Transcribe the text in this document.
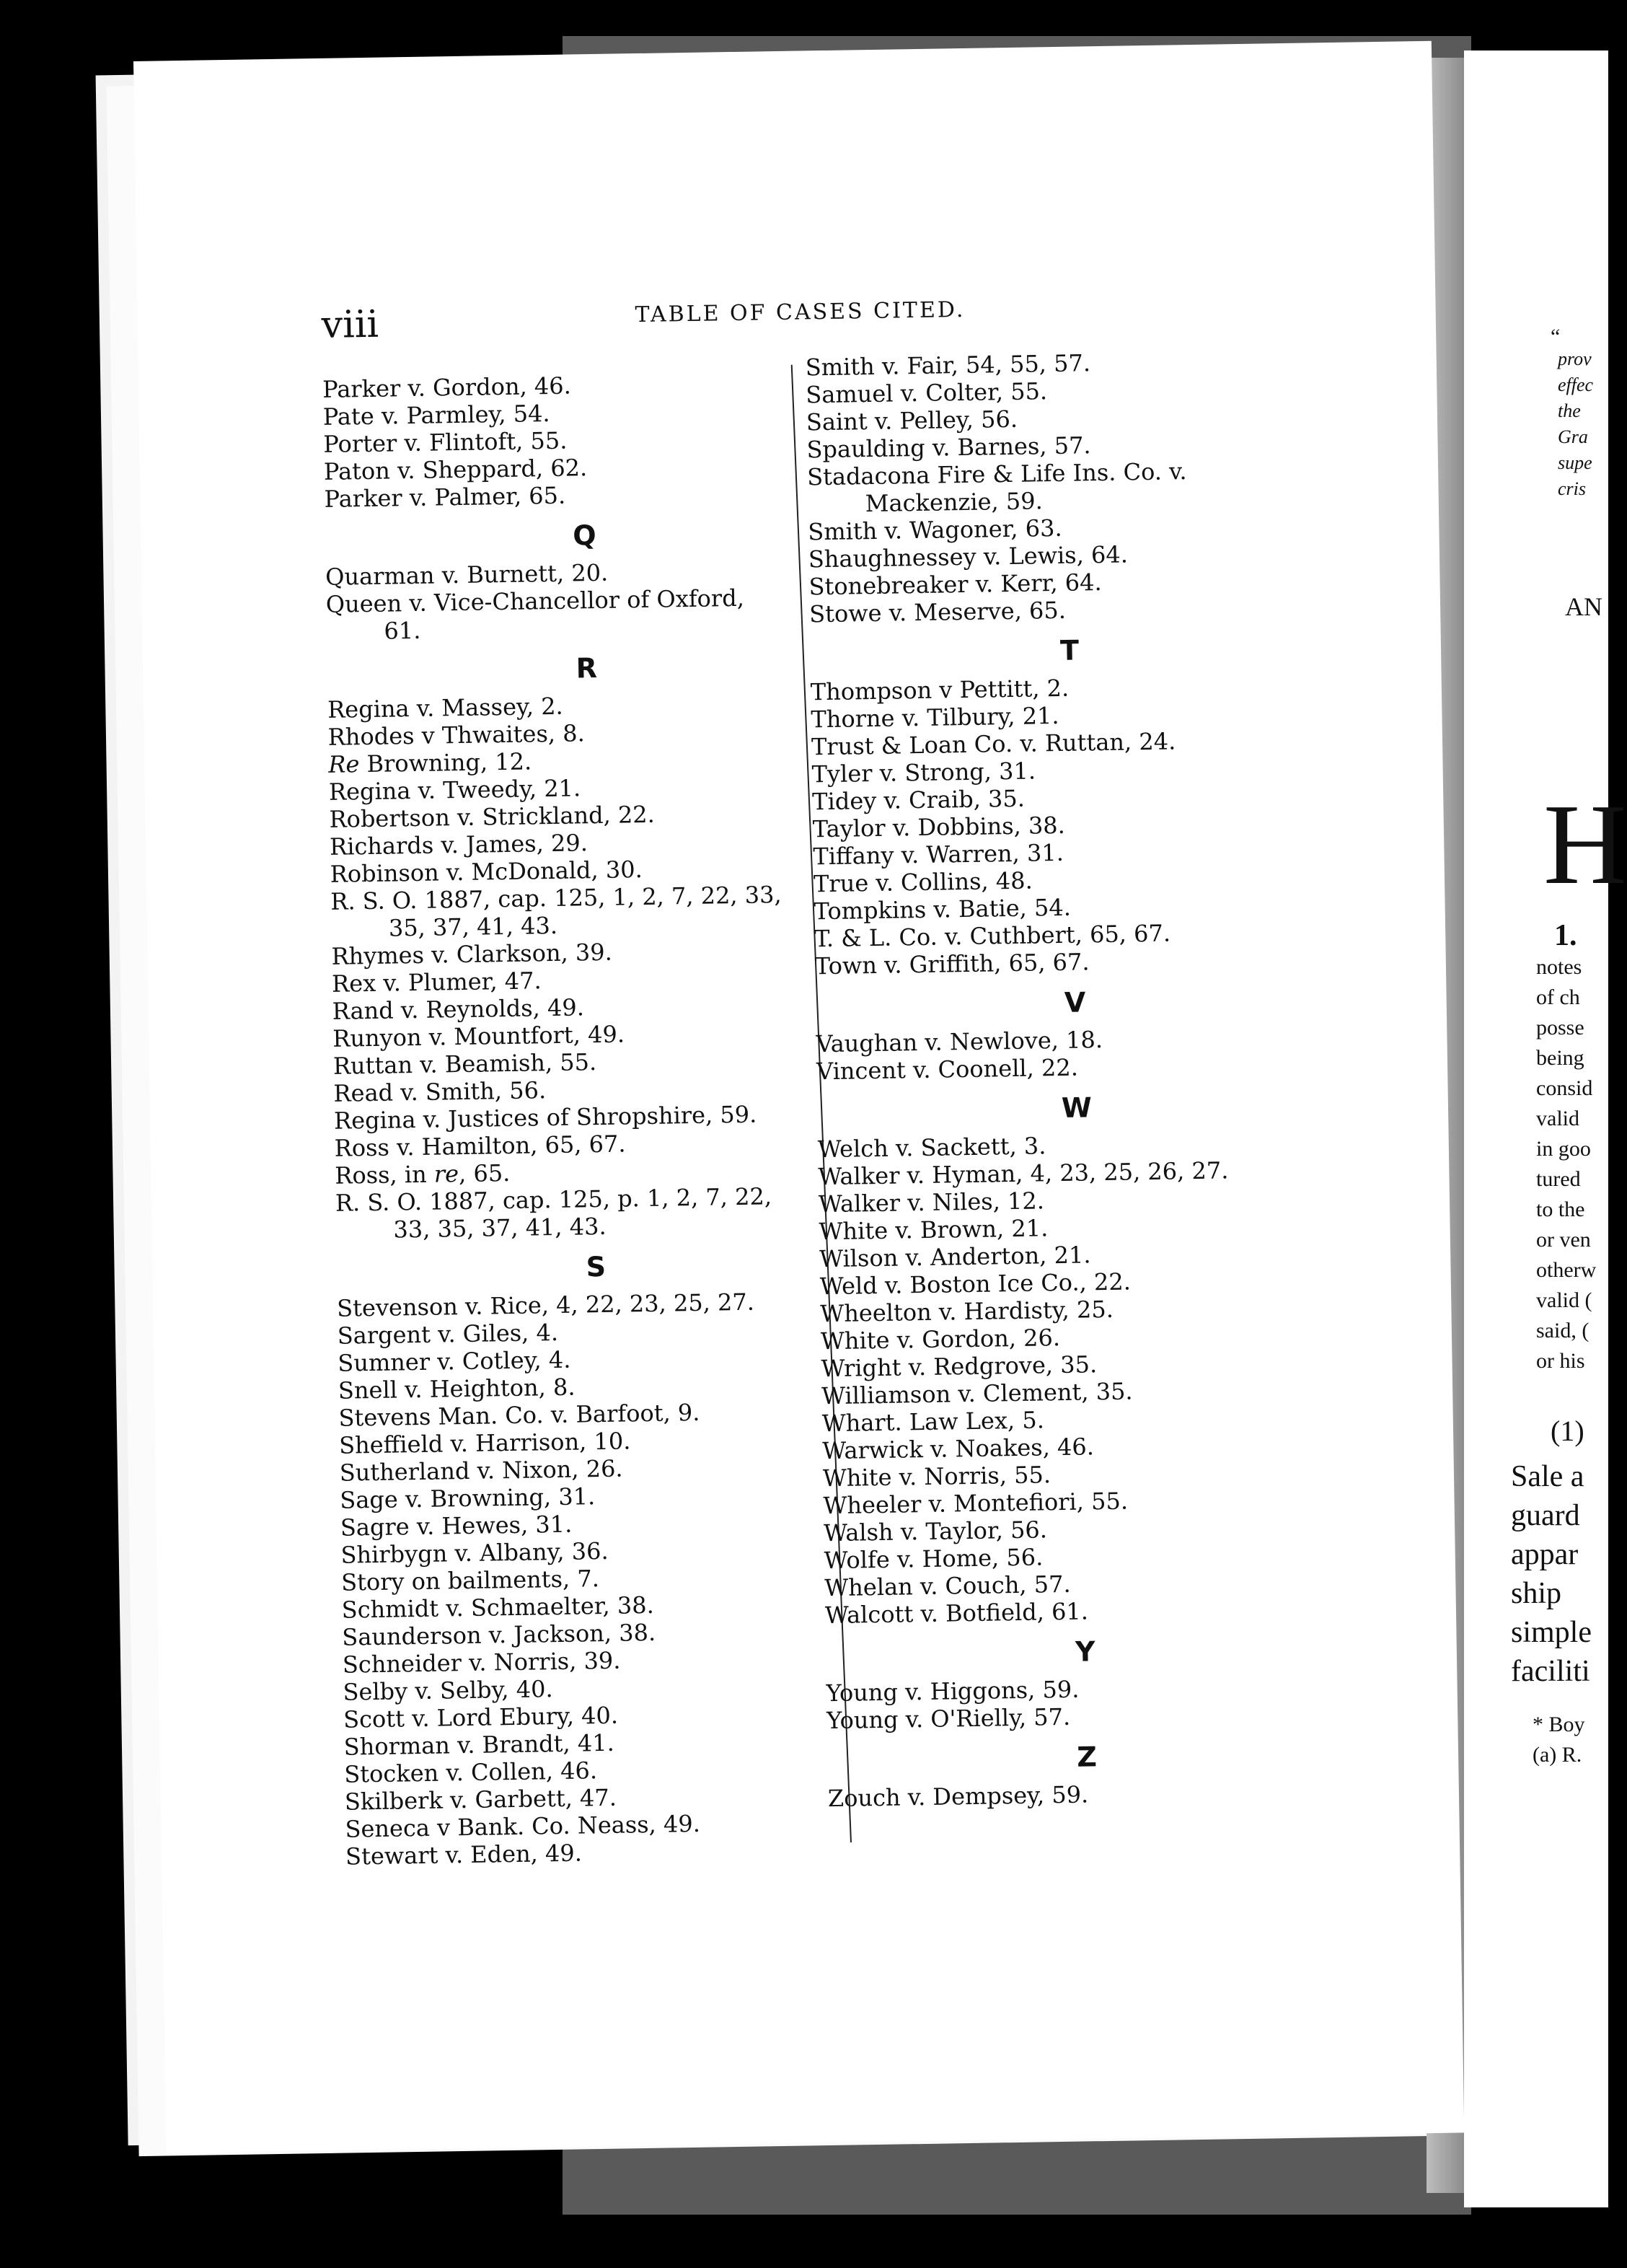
“
prov
effec
the
Gra
supe
cris
AN
H
1.
notes
of ch
posse
being
consid
valid
in goo
tured
to the
or ven
otherw
valid (
said, (
or his
(1)
Sale a
guard
appar
ship
simple
faciliti
* Boy
(a) R.
viii	TABLE OF CASES CITED.
Parker v. Gordon, 46.
Pate v. Parmley, 54.
Porter v. Flintoft, 55.
Paton v. Sheppard, 62.
Parker v. Palmer, 65.
Q
Quarman v. Burnett, 20.
Queen v. Vice-Chancellor of Oxford,
61.
R
Regina v. Massey, 2.
Rhodes v Thwaites, 8.
Re Browning, 12.
Regina v. Tweedy, 21.
Robertson v. Strickland, 22.
Richards v. James, 29.
Robinson v. McDonald, 30.
R. S. O. 1887, cap. 125, 1, 2, 7, 22, 33,
35, 37, 41, 43.
Rhymes v. Clarkson, 39.
Rex v. Plumer, 47.
Rand v. Reynolds, 49.
Runyon v. Mountfort, 49.
Ruttan v. Beamish, 55.
Read v. Smith, 56.
Regina v. Justices of Shropshire, 59.
Ross v. Hamilton, 65, 67.
Ross, in re, 65.
R. S. O. 1887, cap. 125, p. 1, 2, 7, 22,
33, 35, 37, 41, 43.
S
Stevenson v. Rice, 4, 22, 23, 25, 27.
Sargent v. Giles, 4.
Sumner v. Cotley, 4.
Snell v. Heighton, 8.
Stevens Man. Co. v. Barfoot, 9.
Sheffield v. Harrison, 10.
Sutherland v. Nixon, 26.
Sage v. Browning, 31.
Sagre v. Hewes, 31.
Shirbygn v. Albany, 36.
Story on bailments, 7.
Schmidt v. Schmaelter, 38.
Saunderson v. Jackson, 38.
Schneider v. Norris, 39.
Selby v. Selby, 40.
Scott v. Lord Ebury, 40.
Shorman v. Brandt, 41.
Stocken v. Collen, 46.
Skilberk v. Garbett, 47.
Seneca v Bank. Co. Neass, 49.
Stewart v. Eden, 49.
Smith v. Fair, 54, 55, 57.
Samuel v. Colter, 55.
Saint v. Pelley, 56.
Spaulding v. Barnes, 57.
Stadacona Fire & Life Ins. Co. v.
Mackenzie, 59.
Smith v. Wagoner, 63.
Shaughnessey v. Lewis, 64.
Stonebreaker v. Kerr, 64.
Stowe v. Meserve, 65.
T
Thompson v Pettitt, 2.
Thorne v. Tilbury, 21.
Trust & Loan Co. v. Ruttan, 24.
Tyler v. Strong, 31.
Tidey v. Craib, 35.
Taylor v. Dobbins, 38.
Tiffany v. Warren, 31.
True v. Collins, 48.
Tompkins v. Batie, 54.
T. & L. Co. v. Cuthbert, 65, 67.
Town v. Griffith, 65, 67.
V
Vaughan v. Newlove, 18.
Vincent v. Coonell, 22.
W
Welch v. Sackett, 3.
Walker v. Hyman, 4, 23, 25, 26, 27.
Walker v. Niles, 12.
White v. Brown, 21.
Wilson v. Anderton, 21.
Weld v. Boston Ice Co., 22.
Wheelton v. Hardisty, 25.
White v. Gordon, 26.
Wright v. Redgrove, 35.
Williamson v. Clement, 35.
Whart. Law Lex, 5.
Warwick v. Noakes, 46.
White v. Norris, 55.
Wheeler v. Montefiori, 55.
Walsh v. Taylor, 56.
Wolfe v. Home, 56.
Whelan v. Couch, 57.
Walcott v. Botfield, 61.
Y
Young v. Higgons, 59.
Young v. O'Rielly, 57.
Z
Zouch v. Dempsey, 59.
